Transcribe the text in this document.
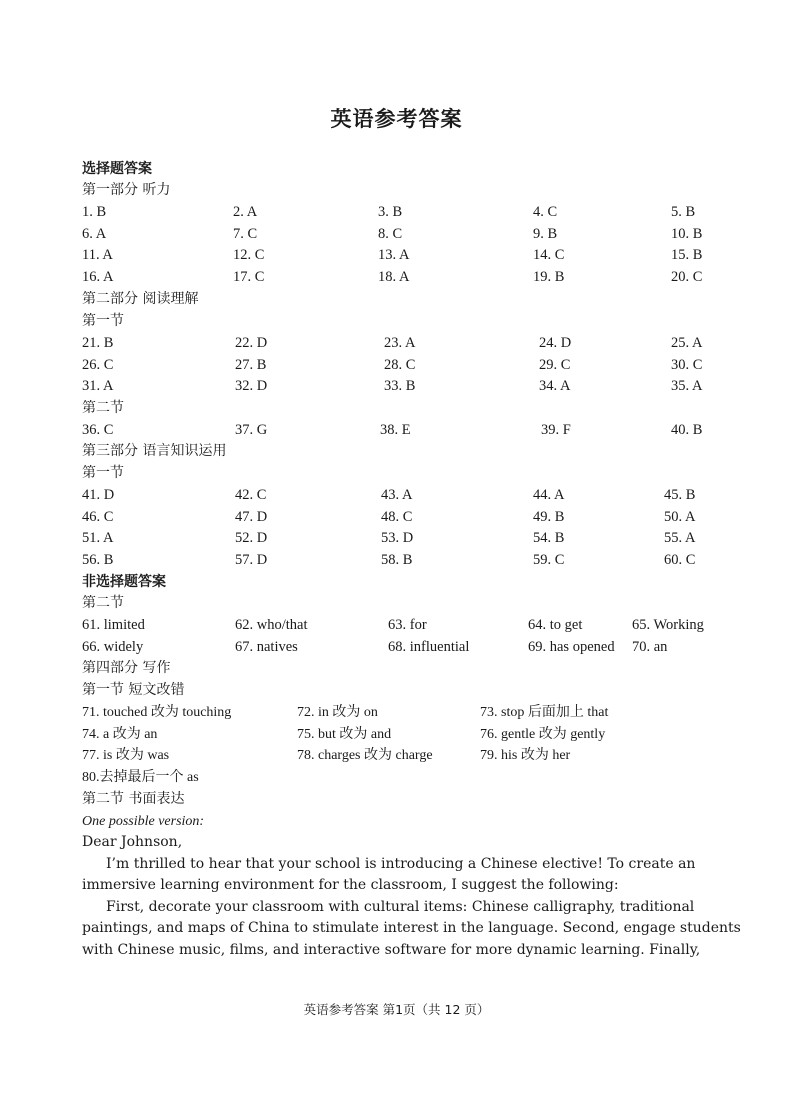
英语参考答案
选择题答案
第一部分 听力
1. B	2. A	3. B	4. C	5. B
6. A	7. C	8. C	9. B	10. B
11. A	12. C	13. A	14. C	15. B
16. A	17. C	18. A	19. B	20. C
第二部分 阅读理解
第一节
21. B	22. D	23. A	24. D	25. A
26. C	27. B	28. C	29. C	30. C
31. A	32. D	33. B	34. A	35. A
第二节
36. C	37. G	38. E	39. F	40. B
第三部分 语言知识运用
第一节
41. D	42. C	43. A	44. A	45. B
46. C	47. D	48. C	49. B	50. A
51. A	52. D	53. D	54. B	55. A
56. B	57. D	58. B	59. C	60. C
非选择题答案
第二节
61. limited	62. who/that	63. for	64. to get	65. Working
66. widely	67. natives	68. influential	69. has opened 70. an
第四部分 写作
第一节 短文改错
71. touched 改为 touching	72. in 改为 on	73. stop 后面加上 that
74. a 改为 an	75. but 改为 and	76. gentle 改为 gently
77. is 改为 was	78. charges 改为 charge	79. his 改为 her
80.去掉最后一个 as
第二节 书面表达
One possible version:
Dear Johnson,
I’m thrilled to hear that your school is introducing a Chinese elective! To create an
immersive learning environment for the classroom, I suggest the following:
First, decorate your classroom with cultural items: Chinese calligraphy, traditional
paintings, and maps of China to stimulate interest in the language. Second, engage students
with Chinese music, films, and interactive software for more dynamic learning. Finally,
英语参考答案 第1页（共 12 页）
